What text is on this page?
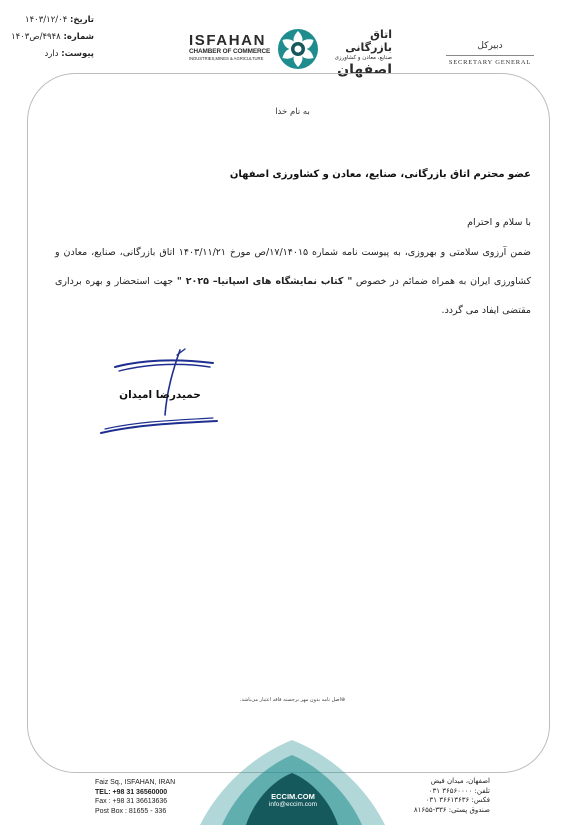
تاریخ: ۱۴۰۳/۱۲/۰۴
شماره: ۴۹۴۸/ص۱۴۰۳
پیوست: دارد
ISFAHAN
CHAMBER OF COMMERCE
INDUSTRIES,MINES & AGRICULTURE
اتاق بازرگانی
صنایع، معادن و کشاورزی
اصفهان
دبیرکل
SECRETARY GENERAL
به نام خدا
عضو محترم اتاق بازرگانی، صنایع، معادن و کشاورزی اصفهان
با سلام و احترام
ضمن آرزوی سلامتی و بهروزی، به پیوست نامه شماره ۱۷/۱۴۰۱۵/ص مورخ ۱۴۰۳/۱۱/۲۱ اتاق بازرگانی، صنایع، معادن و کشاورزی ایران به همراه ضمائم در خصوص " کتاب نمایشگاه های اسپانیا– ۲۰۲۵ " جهت استحضار و بهره برداری مقتضی ایفاد می گردد.
حمیدرضا امیدان
⊕اصل نامه بدون مهر برجسته فاقد اعتبار می‌باشد.
Faiz Sq., ISFAHAN, IRAN
TEL: +98 31 36560000
Fax : +98 31 36613636
Post Box : 81655 - 336
ECCIM.COM
info@eccim.com
اصفهان، میدان فیض
تلفن: ۳۶۵۶۰۰۰۰ ۰۳۱
فکس: ۳۶۶۱۳۶۳۶ ۰۳۱
صندوق پستی: ۳۳۶-۸۱۶۵۵
